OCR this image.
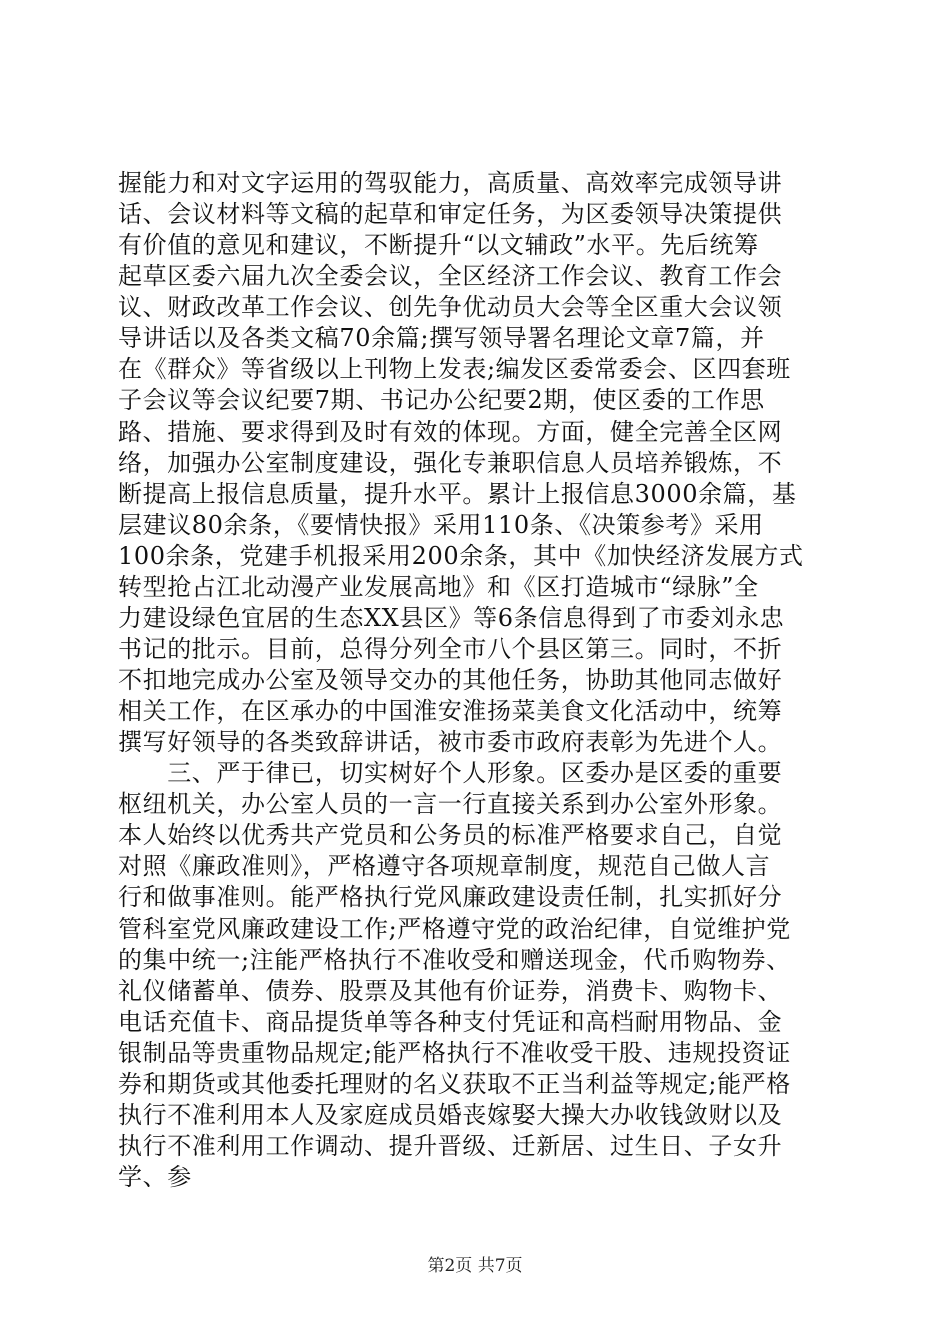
握能力和对文字运用的驾驭能力，高质量、高效率完成领导讲
话、会议材料等文稿的起草和审定任务，为区委领导决策提供
有价值的意见和建议，不断提升“以文辅政”水平。先后统筹
起草区委六届九次全委会议，全区经济工作会议、教育工作会
议、财政改革工作会议、创先争优动员大会等全区重大会议领
导讲话以及各类文稿70余篇;撰写领导署名理论文章7篇，并
在《群众》等省级以上刊物上发表;编发区委常委会、区四套班
子会议等会议纪要7期、书记办公纪要2期，使区委的工作思
路、措施、要求得到及时有效的体现。方面，健全完善全区网
络，加强办公室制度建设，强化专兼职信息人员培养锻炼，不
断提高上报信息质量，提升水平。累计上报信息3000余篇，基
层建议80余条，《要情快报》采用110条、《决策参考》采用
100余条，党建手机报采用200余条，其中《加快经济发展方式
转型抢占江北动漫产业发展高地》和《区打造城市“绿脉”全
力建设绿色宜居的生态XX县区》等6条信息得到了市委刘永忠
书记的批示。目前，总得分列全市八个县区第三。同时，不折
不扣地完成办公室及领导交办的其他任务，协助其他同志做好
相关工作，在区承办的中国淮安淮扬菜美食文化活动中，统筹
撰写好领导的各类致辞讲话，被市委市政府表彰为先进个人。
　　三、严于律已，切实树好个人形象。区委办是区委的重要
枢纽机关，办公室人员的一言一行直接关系到办公室外形象。
本人始终以优秀共产党员和公务员的标准严格要求自己，自觉
对照《廉政准则》，严格遵守各项规章制度，规范自己做人言
行和做事准则。能严格执行党风廉政建设责任制，扎实抓好分
管科室党风廉政建设工作;严格遵守党的政治纪律，自觉维护党
的集中统一;注能严格执行不准收受和赠送现金，代币购物券、
礼仪储蓄单、债券、股票及其他有价证券，消费卡、购物卡、
电话充值卡、商品提货单等各种支付凭证和高档耐用物品、金
银制品等贵重物品规定;能严格执行不准收受干股、违规投资证
券和期货或其他委托理财的名义获取不正当利益等规定;能严格
执行不准利用本人及家庭成员婚丧嫁娶大操大办收钱敛财以及
执行不准利用工作调动、提升晋级、迁新居、过生日、子女升
学、参
第2页 共7页
